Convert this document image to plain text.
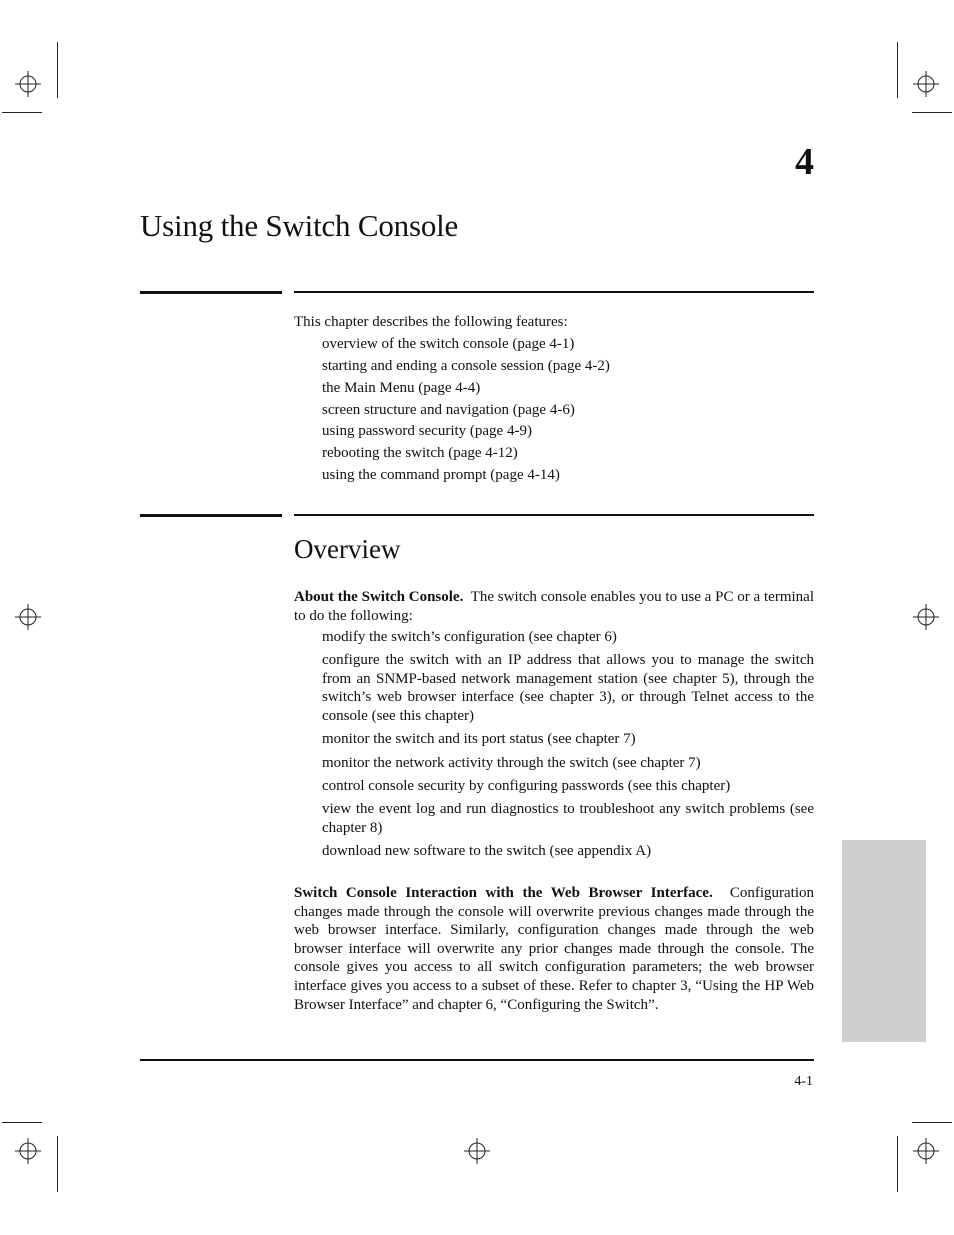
4
Using the Switch Console
This chapter describes the following features:
overview of the switch console (page 4-1)
starting and ending a console session (page 4-2)
the Main Menu (page 4-4)
screen structure and navigation (page 4-6)
using password security (page 4-9)
rebooting the switch (page 4-12)
using the command prompt (page 4-14)
Overview
About the Switch Console. The switch console enables you to use a PC or a terminal to do the following:
modify the switch’s configuration (see chapter 6)
configure the switch with an IP address that allows you to manage the switch from an SNMP-based network management station (see chapter 5), through the switch’s web browser interface (see chapter 3), or through Telnet access to the console (see this chapter)
monitor the switch and its port status (see chapter 7)
monitor the network activity through the switch (see chapter 7)
control console security by configuring passwords (see this chapter)
view the event log and run diagnostics to troubleshoot any switch problems (see chapter 8)
download new software to the switch (see appendix A)
Switch Console Interaction with the Web Browser Interface. Configuration changes made through the console will overwrite previous changes made through the web browser interface. Similarly, configuration changes made through the web browser interface will overwrite any prior changes made through the console. The console gives you access to all switch configuration parameters; the web browser interface gives you access to a subset of these. Refer to chapter 3, “Using the HP Web Browser Interface” and chapter 6, “Configuring the Switch”.
4-1
